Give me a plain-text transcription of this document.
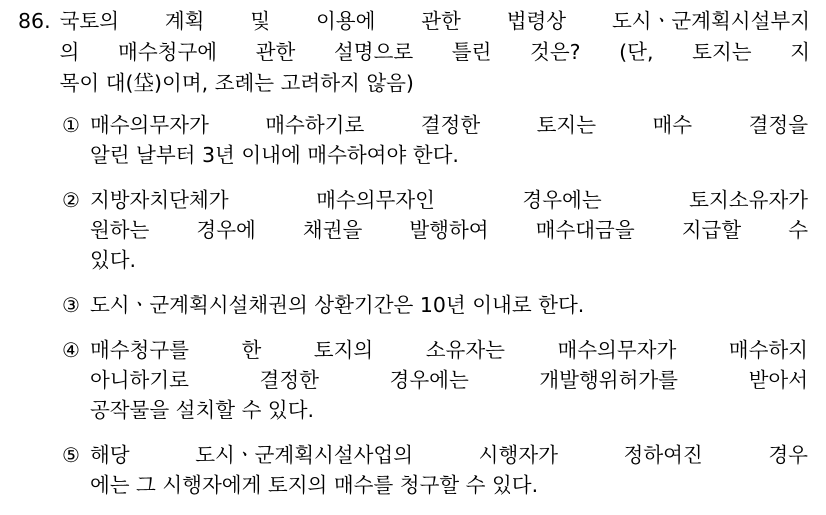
86. 국토의 계획 및 이용에 관한 법령상 도시ㆍ군계획시설부지
의 매수청구에 관한 설명으로 틀린 것은? (단, 토지는 지
목이 대(垈)이며, 조례는 고려하지 않음)
① 매수의무자가 매수하기로 결정한 토지는 매수 결정을
알린 날부터 3년 이내에 매수하여야 한다.
② 지방자치단체가 매수의무자인 경우에는 토지소유자가
원하는 경우에 채권을 발행하여 매수대금을 지급할 수
있다.
③ 도시ㆍ군계획시설채권의 상환기간은 10년 이내로 한다.
④ 매수청구를 한 토지의 소유자는 매수의무자가 매수하지
아니하기로 결정한 경우에는 개발행위허가를 받아서
공작물을 설치할 수 있다.
⑤ 해당 도시ㆍ군계획시설사업의 시행자가 정하여진 경우
에는 그 시행자에게 토지의 매수를 청구할 수 있다.
